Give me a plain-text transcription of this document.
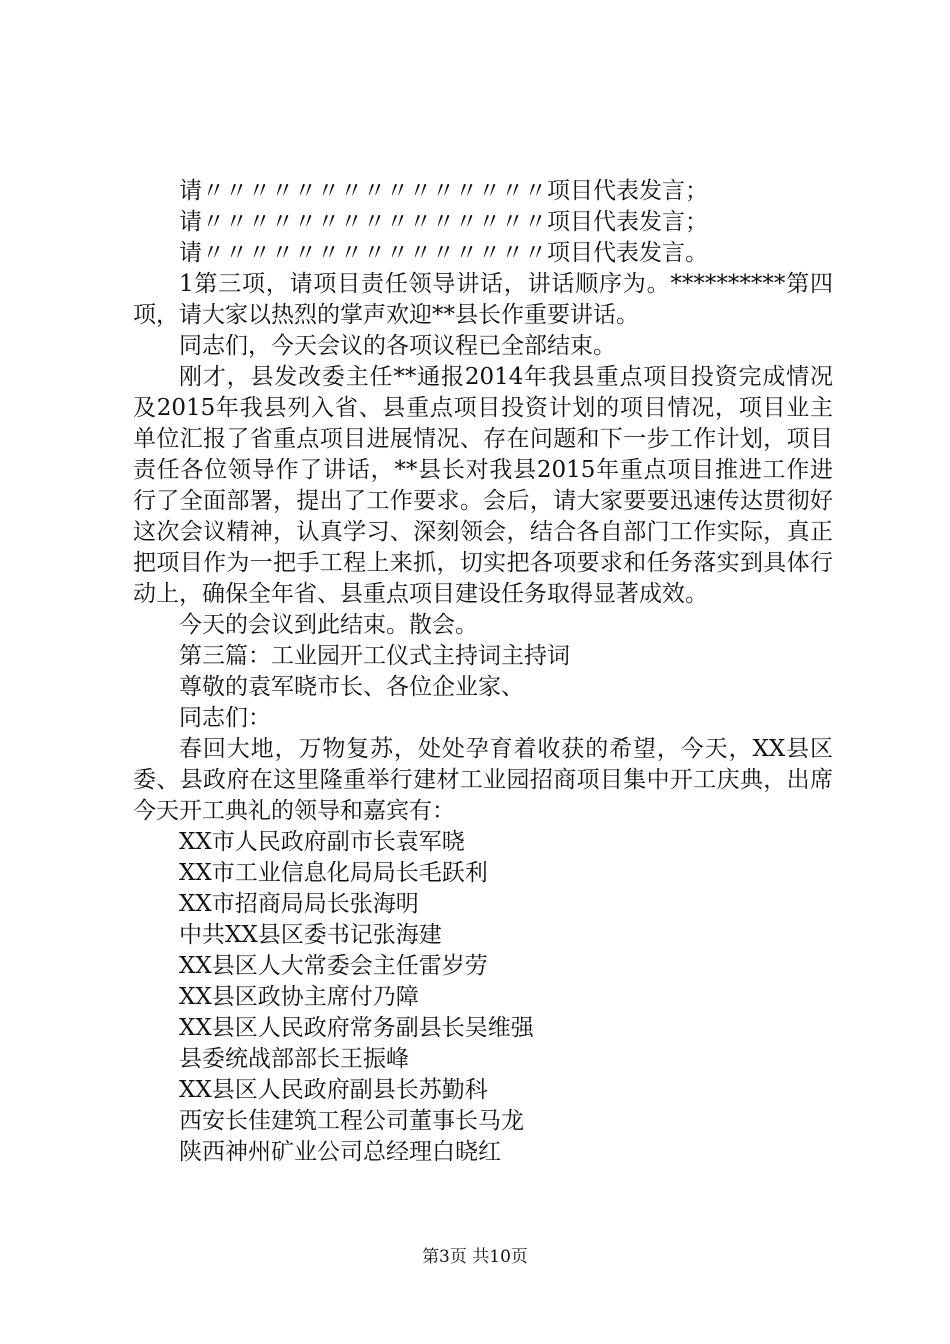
请〃〃〃〃〃〃〃〃〃〃〃〃〃〃〃项目代表发言；

请〃〃〃〃〃〃〃〃〃〃〃〃〃〃〃项目代表发言；

请〃〃〃〃〃〃〃〃〃〃〃〃〃〃〃项目代表发言。

1第三项，请项目责任领导讲话，讲话顺序为。**********第四项，请大家以热烈的掌声欢迎**县长作重要讲话。

同志们，今天会议的各项议程已全部结束。

刚才，县发改委主任**通报2014年我县重点项目投资完成情况及2015年我县列入省、县重点项目投资计划的项目情况，项目业主单位汇报了省重点项目进展情况、存在问题和下一步工作计划，项目责任各位领导作了讲话，**县长对我县2015年重点项目推进工作进行了全面部署，提出了工作要求。会后，请大家要要迅速传达贯彻好这次会议精神，认真学习、深刻领会，结合各自部门工作实际，真正把项目作为一把手工程上来抓，切实把各项要求和任务落实到具体行动上，确保全年省、县重点项目建设任务取得显著成效。

今天的会议到此结束。散会。

第三篇：工业园开工仪式主持词主持词

尊敬的袁军晓市长、各位企业家、

同志们：

春回大地，万物复苏，处处孕育着收获的希望，今天，XX县区委、县政府在这里隆重举行建材工业园招商项目集中开工庆典，出席今天开工典礼的领导和嘉宾有：

XX市人民政府副市长袁军晓

XX市工业信息化局局长毛跃利

XX市招商局局长张海明

中共XX县区委书记张海建

XX县区人大常委会主任雷岁劳

XX县区政协主席付乃障

XX县区人民政府常务副县长吴维强

县委统战部部长王振峰

XX县区人民政府副县长苏勤科

西安长佳建筑工程公司董事长马龙

陕西神州矿业公司总经理白晓红

第3页 共10页
